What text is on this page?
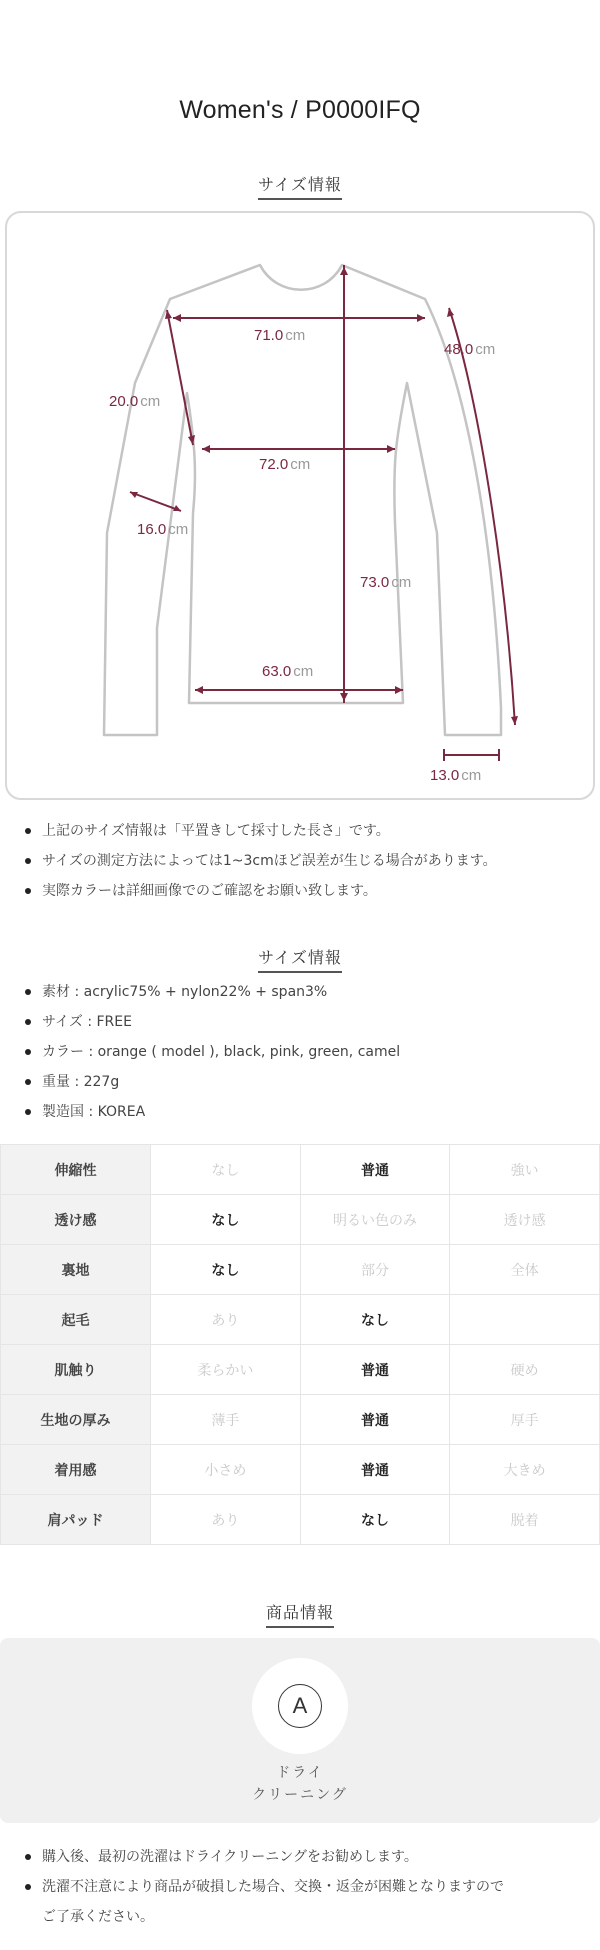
Women's / P0000IFQ
サイズ情報
71.0 cm
48.0 cm
20.0 cm
72.0 cm
16.0 cm
73.0 cm
63.0 cm
13.0 cm
上記のサイズ情報は「平置きして採寸した長さ」です。
サイズの測定方法によっては1~3cmほど誤差が生じる場合があります。
実際カラーは詳細画像でのご確認をお願い致します。
サイズ情報
素材 : acrylic75% + nylon22% + span3%
サイズ : FREE
カラー : orange ( model ), black, pink, green, camel
重量 : 227g
製造国 : KOREA
伸縮性	なし	普通	強い
透け感	なし	明るい色のみ	透け感
裏地	なし	部分	全体
起毛	あり	なし	
肌触り	柔らかい	普通	硬め
生地の厚み	薄手	普通	厚手
着用感	小さめ	普通	大きめ
肩パッド	あり	なし	脱着
商品情報
A
ドライ
クリーニング
購入後、最初の洗濯はドライクリーニングをお勧めします。
洗濯不注意により商品が破損した場合、交換・返金が困難となりますので
ご了承ください。
